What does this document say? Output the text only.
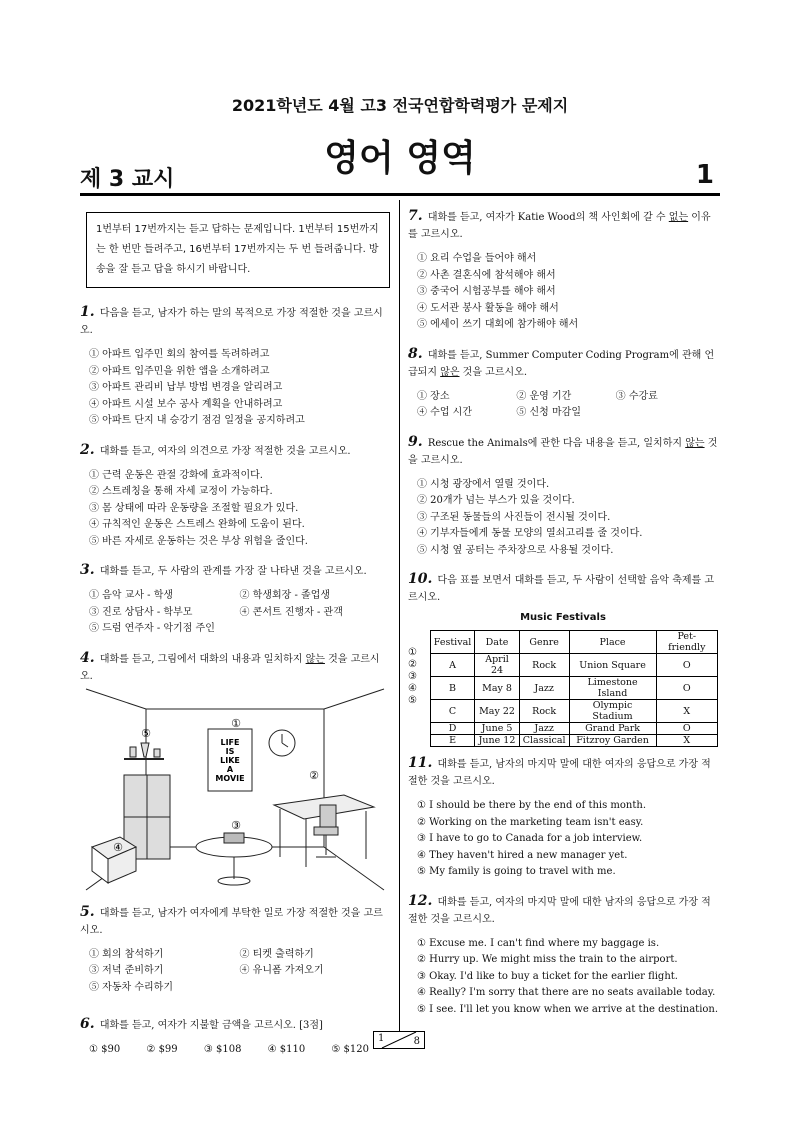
2021학년도 4월 고3 전국연합학력평가 문제지
영어 영역
제 3 교시	1
1번부터 17번까지는 듣고 답하는 문제입니다. 1번부터 15번까지는 한 번만 들려주고, 16번부터 17번까지는 두 번 들려줍니다. 방송을 잘 듣고 답을 하시기 바랍니다.
1. 다음을 듣고, 남자가 하는 말의 목적으로 가장 적절한 것을 고르시오.
① 아파트 입주민 회의 참여를 독려하려고
② 아파트 입주민을 위한 앱을 소개하려고
③ 아파트 관리비 납부 방법 변경을 알리려고
④ 아파트 시설 보수 공사 계획을 안내하려고
⑤ 아파트 단지 내 승강기 점검 일정을 공지하려고
2. 대화를 듣고, 여자의 의견으로 가장 적절한 것을 고르시오.
① 근력 운동은 관절 강화에 효과적이다.
② 스트레칭을 통해 자세 교정이 가능하다.
③ 몸 상태에 따라 운동량을 조절할 필요가 있다.
④ 규칙적인 운동은 스트레스 완화에 도움이 된다.
⑤ 바른 자세로 운동하는 것은 부상 위험을 줄인다.
3. 대화를 듣고, 두 사람의 관계를 가장 잘 나타낸 것을 고르시오.
① 음악 교사 - 학생	② 학생회장 - 졸업생
③ 진로 상담사 - 학부모	④ 콘서트 진행자 - 관객
⑤ 드럼 연주자 - 악기점 주인
4. 대화를 듣고, 그림에서 대화의 내용과 일치하지 않는 것을 고르시오.
LIFE
IS
LIKE
A
MOVIE
①
②
③
④
⑤
5. 대화를 듣고, 남자가 여자에게 부탁한 일로 가장 적절한 것을 고르시오.
① 회의 참석하기	② 티켓 출력하기
③ 저녁 준비하기	④ 유니폼 가져오기
⑤ 자동차 수리하기
6. 대화를 듣고, 여자가 지불할 금액을 고르시오. [3점]
① $90	② $99	③ $108	④ $110	⑤ $120
7. 대화를 듣고, 여자가 Katie Wood의 책 사인회에 갈 수 없는 이유를 고르시오.
① 요리 수업을 들어야 해서
② 사촌 결혼식에 참석해야 해서
③ 중국어 시험공부를 해야 해서
④ 도서관 봉사 활동을 해야 해서
⑤ 에세이 쓰기 대회에 참가해야 해서
8. 대화를 듣고, Summer Computer Coding Program에 관해 언급되지 않은 것을 고르시오.
① 장소	② 운영 기간	③ 수강료
④ 수업 시간	⑤ 신청 마감일
9. Rescue the Animals에 관한 다음 내용을 듣고, 일치하지 않는 것을 고르시오.
① 시청 광장에서 열릴 것이다.
② 20개가 넘는 부스가 있을 것이다.
③ 구조된 동물들의 사진들이 전시될 것이다.
④ 기부자들에게 동물 모양의 열쇠고리를 줄 것이다.
⑤ 시청 옆 공터는 주차장으로 사용될 것이다.
10. 다음 표를 보면서 대화를 듣고, 두 사람이 선택할 음악 축제를 고르시오.
Music Festivals
①
②
③
④
⑤
Festival	Date	Genre	Place	Pet-friendly
A	April 24	Rock	Union Square	O
B	May 8	Jazz	Limestone Island	O
C	May 22	Rock	Olympic Stadium	X
D	June 5	Jazz	Grand Park	O
E	June 12	Classical	Fitzroy Garden	X
11. 대화를 듣고, 남자의 마지막 말에 대한 여자의 응답으로 가장 적절한 것을 고르시오.
① I should be there by the end of this month.
② Working on the marketing team isn't easy.
③ I have to go to Canada for a job interview.
④ They haven't hired a new manager yet.
⑤ My family is going to travel with me.
12. 대화를 듣고, 여자의 마지막 말에 대한 남자의 응답으로 가장 적절한 것을 고르시오.
① Excuse me. I can't find where my baggage is.
② Hurry up. We might miss the train to the airport.
③ Okay. I'd like to buy a ticket for the earlier flight.
④ Really? I'm sorry that there are no seats available today.
⑤ I see. I'll let you know when we arrive at the destination.
1	8
